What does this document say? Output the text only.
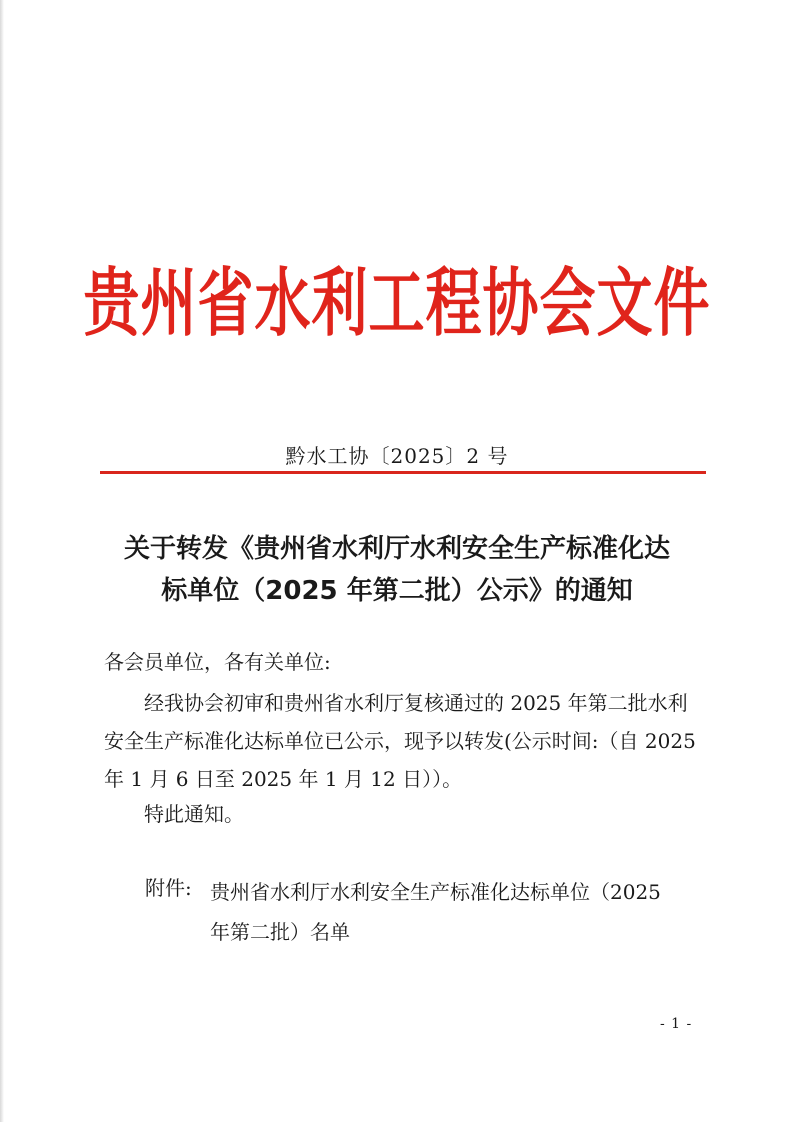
贵州省水利工程协会文件
黔水工协〔2025〕2 号
关于转发《贵州省水利厅水利安全生产标准化达
标单位（2025 年第二批）公示》的通知
各会员单位，各有关单位:
经我协会初审和贵州省水利厅复核通过的 2025 年第二批水利安全生产标准化达标单位已公示，现予以转发(公示时间:（自 2025 年 1 月 6 日至 2025 年 1 月 12 日））。
特此通知。
附件: 贵州省水利厅水利安全生产标准化达标单位（2025
年第二批）名单
- 1 -
